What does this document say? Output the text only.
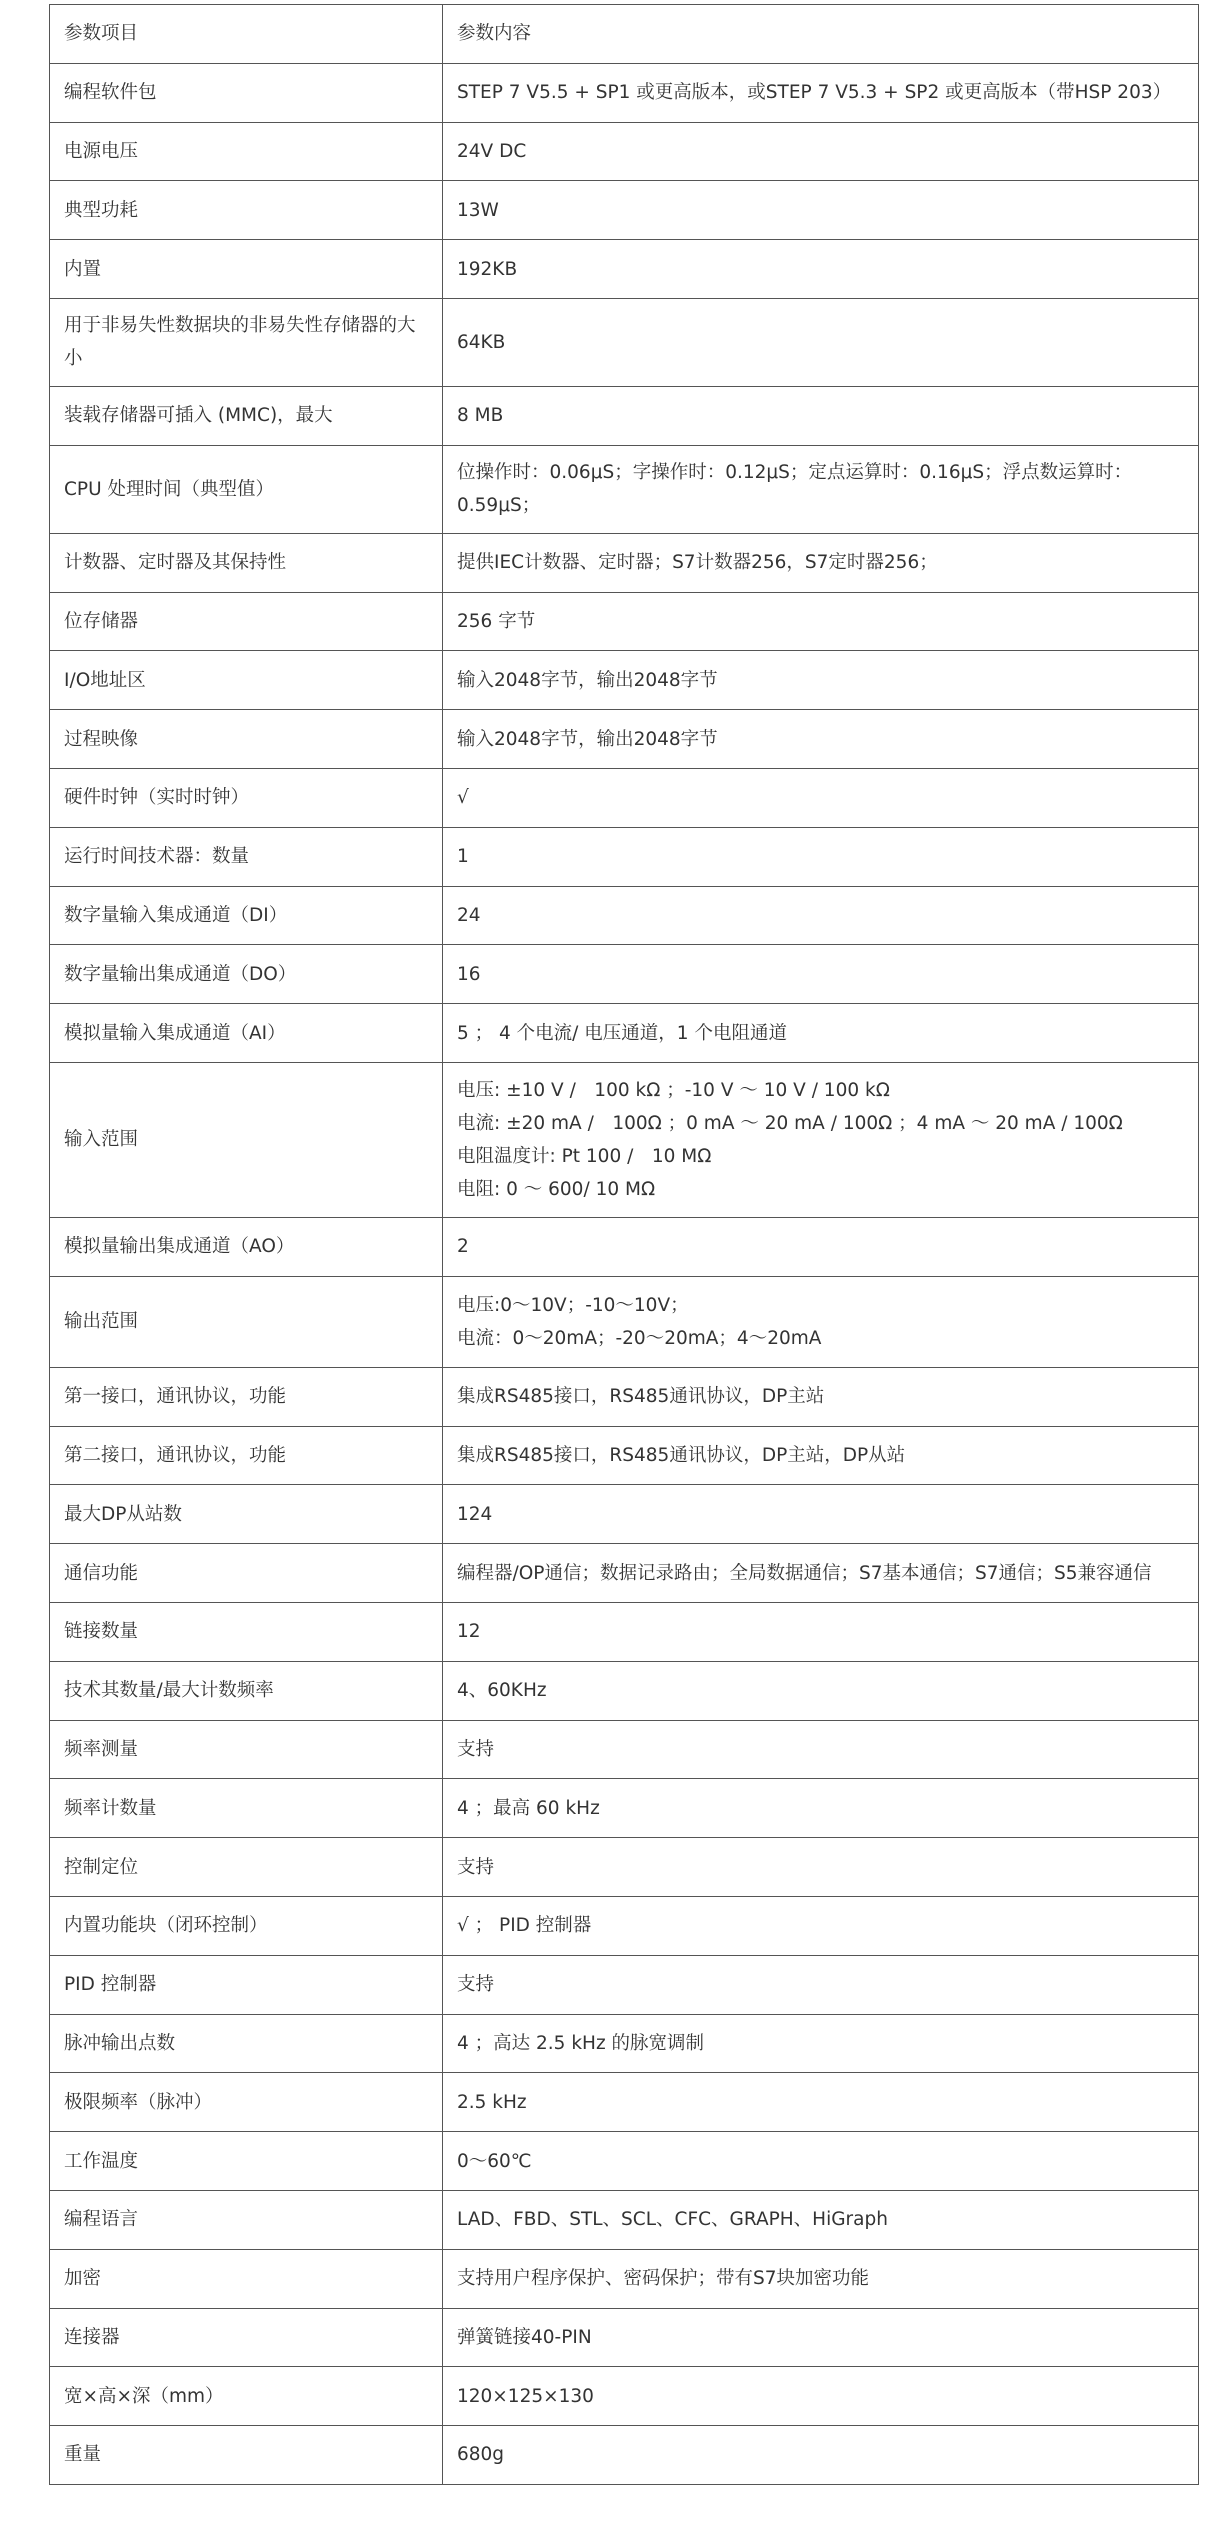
参数项目	参数内容
编程软件包	STEP 7 V5.5 + SP1 或更高版本，或STEP 7 V5.3 + SP2 或更高版本（带HSP 203）
电源电压	24V DC
典型功耗	13W
内置	192KB
用于非易失性数据块的非易失性存储器的大小	64KB
装载存储器可插入 (MMC)，最大	8 MB
CPU 处理时间（典型值）	位操作时：0.06μS；字操作时：0.12μS；定点运算时：0.16μS；浮点数运算时：0.59μS；
计数器、定时器及其保持性	提供IEC计数器、定时器；S7计数器256，S7定时器256；
位存储器	256 字节
I/O地址区	输入2048字节，输出2048字节
过程映像	输入2048字节，输出2048字节
硬件时钟（实时时钟）	√
运行时间技术器：数量	1
数字量输入集成通道（DI）	24
数字量输出集成通道（DO）	16
模拟量输入集成通道（AI）	5 ； 4 个电流/ 电压通道，1 个电阻通道
输入范围	电压: ±10 V /　100 kΩ ；-10 V ～ 10 V / 100 kΩ
电流: ±20 mA /　100Ω ；0 mA ～ 20 mA / 100Ω ；4 mA ～ 20 mA / 100Ω
电阻温度计: Pt 100 /　10 MΩ
电阻: 0 ～ 600/ 10 MΩ

模拟量输出集成通道（AO）	2
输出范围	电压:0～10V；-10～10V；
电流：0～20mA；-20～20mA；4～20mA

第一接口，通讯协议，功能	集成RS485接口，RS485通讯协议，DP主站
第二接口，通讯协议，功能	集成RS485接口，RS485通讯协议，DP主站，DP从站
最大DP从站数	124
通信功能	编程器/OP通信；数据记录路由；全局数据通信；S7基本通信；S7通信；S5兼容通信
链接数量	12
技术其数量/最大计数频率	4、60KHz
频率测量	支持
频率计数量	4 ；最高 60 kHz
控制定位	支持
内置功能块（闭环控制）	√ ； PID 控制器
PID 控制器	支持
脉冲输出点数	4 ；高达 2.5 kHz 的脉宽调制
极限频率（脉冲）	2.5 kHz
工作温度	0～60℃
编程语言	LAD、FBD、STL、SCL、CFC、GRAPH、HiGraph
加密	支持用户程序保护、密码保护；带有S7块加密功能
连接器	弹簧链接40-PIN
宽×高×深（mm）	120×125×130
重量	680g
